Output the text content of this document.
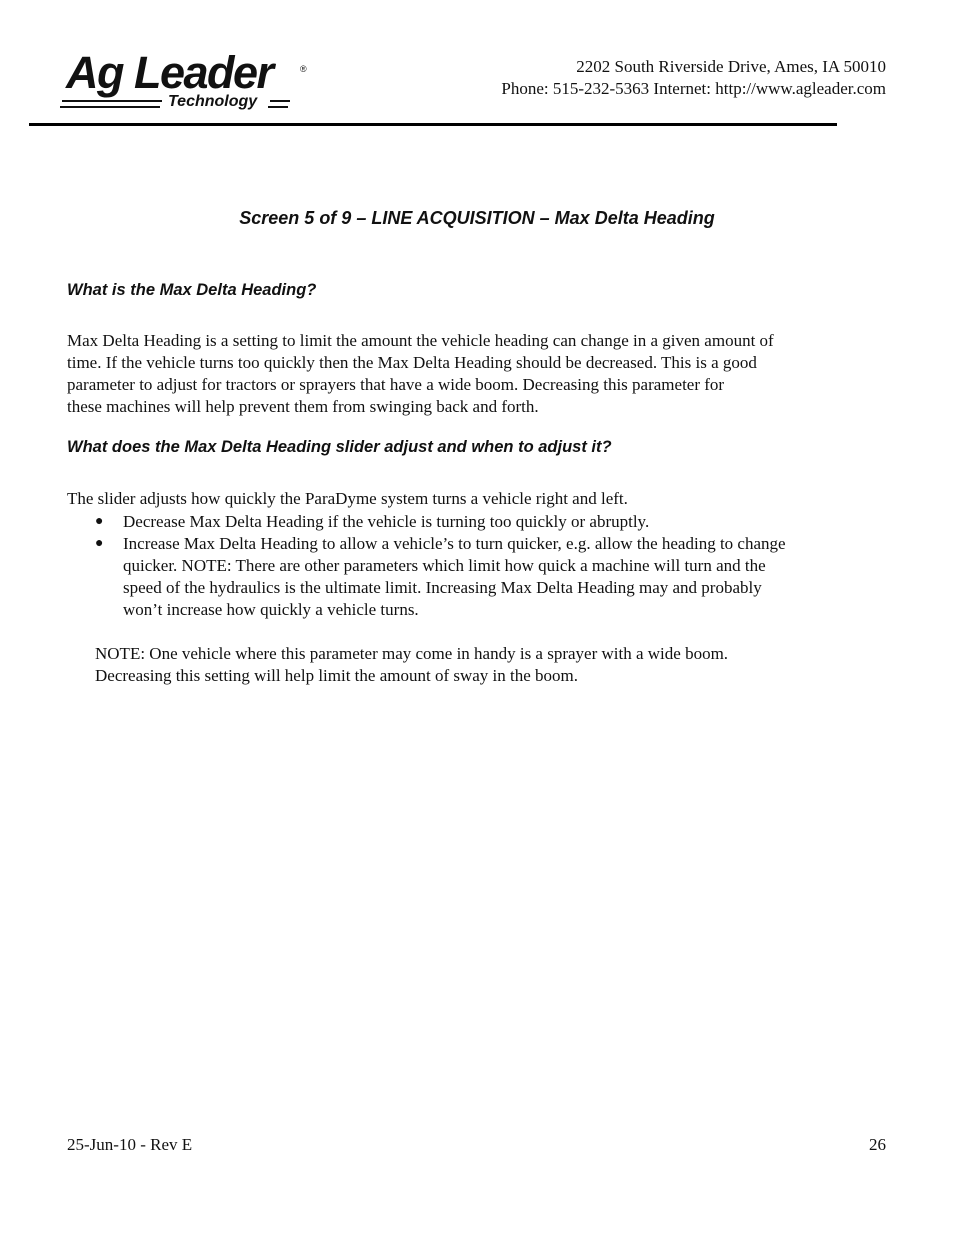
Ag Leader	®
Technology
2202 South Riverside Drive, Ames, IA 50010
Phone: 515-232-5363 Internet: http://www.agleader.com
Screen 5 of 9 – LINE ACQUISITION – Max Delta Heading
What is the Max Delta Heading?
Max Delta Heading is a setting to limit the amount the vehicle heading can change in a given amount of
time. If the vehicle turns too quickly then the Max Delta Heading should be decreased. This is a good
parameter to adjust for tractors or sprayers that have a wide boom. Decreasing this parameter for
these machines will help prevent them from swinging back and forth.
What does the Max Delta Heading slider adjust and when to adjust it?
The slider adjusts how quickly the ParaDyme system turns a vehicle right and left.
● Decrease Max Delta Heading if the vehicle is turning too quickly or abruptly.
● Increase Max Delta Heading to allow a vehicle’s to turn quicker, e.g. allow the heading to change
quicker. NOTE: There are other parameters which limit how quick a machine will turn and the
speed of the hydraulics is the ultimate limit. Increasing Max Delta Heading may and probably
won’t increase how quickly a vehicle turns.
NOTE: One vehicle where this parameter may come in handy is a sprayer with a wide boom.
Decreasing this setting will help limit the amount of sway in the boom.
25-Jun-10 - Rev E	26
